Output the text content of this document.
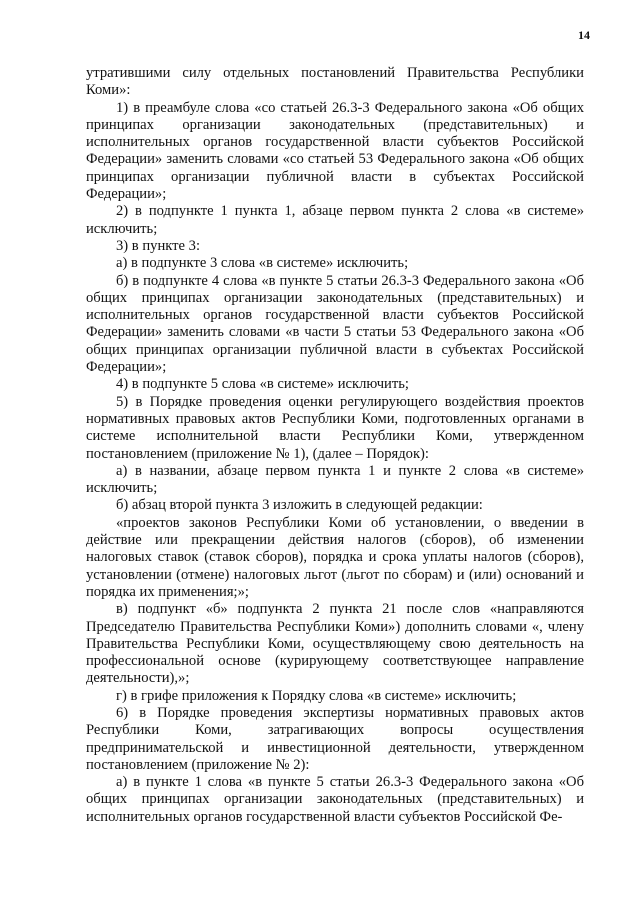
14

утратившими силу отдельных постановлений Правительства Республики Коми»:

1) в преамбуле слова «со статьей 26.3-3 Федерального закона «Об общих принципах организации законодательных (представительных) и исполнительных органов государственной власти субъектов Российской Федерации» заменить словами «со статьей 53 Федерального закона «Об общих принципах организации публичной власти в субъектах Российской Федерации»;

2) в подпункте 1 пункта 1, абзаце первом пункта 2 слова «в системе» исключить;

3) в пункте 3:

а) в подпункте 3 слова «в системе» исключить;

б) в подпункте 4 слова «в пункте 5 статьи 26.3-3 Федерального закона «Об общих принципах организации законодательных (представительных) и исполнительных органов государственной власти субъектов Российской Федерации» заменить словами «в части 5 статьи 53 Федерального закона «Об общих принципах организации публичной власти в субъектах Российской Федерации»;

4) в подпункте 5 слова «в системе» исключить;

5) в Порядке проведения оценки регулирующего воздействия проектов нормативных правовых актов Республики Коми, подготовленных органами в системе исполнительной власти Республики Коми, утвержденном постановлением (приложение № 1), (далее – Порядок):

а) в названии, абзаце первом пункта 1 и пункте 2 слова «в системе» исключить;

б) абзац второй пункта 3 изложить в следующей редакции:

«проектов законов Республики Коми об установлении, о введении в действие или прекращении действия налогов (сборов), об изменении налоговых ставок (ставок сборов), порядка и срока уплаты налогов (сборов), установлении (отмене) налоговых льгот (льгот по сборам) и (или) оснований и порядка их применения;»;

в) подпункт «б» подпункта 2 пункта 21 после слов «направляются Председателю Правительства Республики Коми») дополнить словами «, члену Правительства Республики Коми, осуществляющему свою деятельность на профессиональной основе (курирующему соответствующее направление деятельности),»;

г) в грифе приложения к Порядку слова «в системе» исключить;

6) в Порядке проведения экспертизы нормативных правовых актов Республики Коми, затрагивающих вопросы осуществления предпринимательской и инвестиционной деятельности, утвержденном постановлением (приложение № 2):

а) в пункте 1 слова «в пункте 5 статьи 26.3-3 Федерального закона «Об общих принципах организации законодательных (представительных) и исполнительных органов государственной власти субъектов Российской Фе-
